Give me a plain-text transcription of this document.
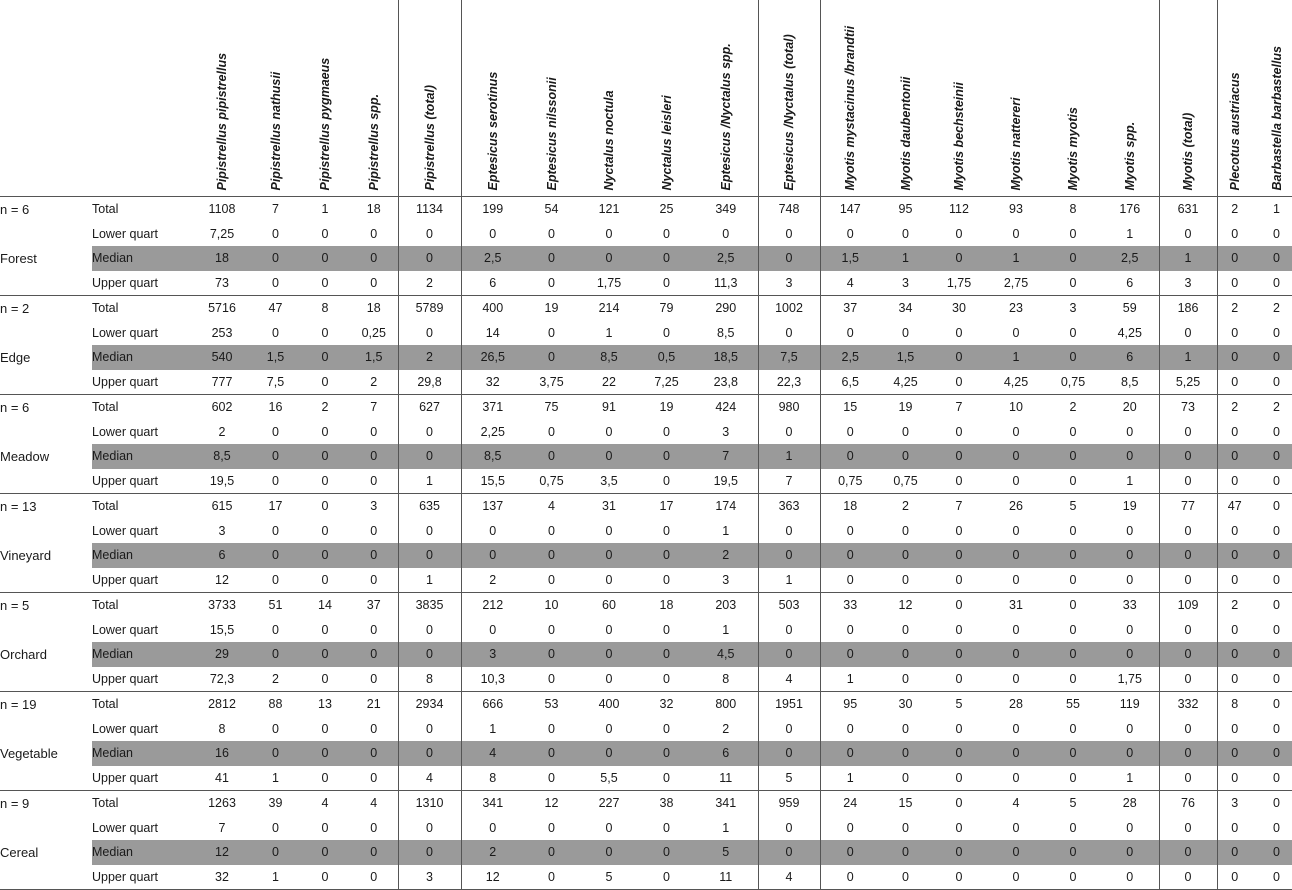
		Pipistrellus pipistrellus	Pipistrellus nathusii	Pipistrellus pygmaeus	Pipistrellus spp.	Pipistrellus (total)	Eptesicus serotinus	Eptesicus nilssonii	Nyctalus noctula	Nyctalus leisleri	Eptesicus /Nyctalus spp.	Eptesicus /Nyctalus (total)	Myotis mystacinus /brandtii	Myotis daubentonii	Myotis bechsteinii	Myotis nattereri	Myotis myotis	Myotis spp.	Myotis (total)	Plecotus austriacus	Barbastella barbastellus

n = 6	Total	1108	7	1	18	1134	199	54	121	25	349	748	147	95	112	93	8	176	631	2	1
	Lower quart	7,25	0	0	0	0	0	0	0	0	0	0	0	0	0	0	0	1	0	0	0
Forest	Median	18	0	0	0	0	2,5	0	0	0	2,5	0	1,5	1	0	1	0	2,5	1	0	0
	Upper quart	73	0	0	0	2	6	0	1,75	0	11,3	3	4	3	1,75	2,75	0	6	3	0	0
n = 2	Total	5716	47	8	18	5789	400	19	214	79	290	1002	37	34	30	23	3	59	186	2	2
	Lower quart	253	0	0	0,25	0	14	0	1	0	8,5	0	0	0	0	0	0	4,25	0	0	0
Edge	Median	540	1,5	0	1,5	2	26,5	0	8,5	0,5	18,5	7,5	2,5	1,5	0	1	0	6	1	0	0
	Upper quart	777	7,5	0	2	29,8	32	3,75	22	7,25	23,8	22,3	6,5	4,25	0	4,25	0,75	8,5	5,25	0	0
n = 6	Total	602	16	2	7	627	371	75	91	19	424	980	15	19	7	10	2	20	73	2	2
	Lower quart	2	0	0	0	0	2,25	0	0	0	3	0	0	0	0	0	0	0	0	0	0
Meadow	Median	8,5	0	0	0	0	8,5	0	0	0	7	1	0	0	0	0	0	0	0	0	0
	Upper quart	19,5	0	0	0	1	15,5	0,75	3,5	0	19,5	7	0,75	0,75	0	0	0	1	0	0	0
n = 13	Total	615	17	0	3	635	137	4	31	17	174	363	18	2	7	26	5	19	77	47	0
	Lower quart	3	0	0	0	0	0	0	0	0	1	0	0	0	0	0	0	0	0	0	0
Vineyard	Median	6	0	0	0	0	0	0	0	0	2	0	0	0	0	0	0	0	0	0	0
	Upper quart	12	0	0	0	1	2	0	0	0	3	1	0	0	0	0	0	0	0	0	0
n = 5	Total	3733	51	14	37	3835	212	10	60	18	203	503	33	12	0	31	0	33	109	2	0
	Lower quart	15,5	0	0	0	0	0	0	0	0	1	0	0	0	0	0	0	0	0	0	0
Orchard	Median	29	0	0	0	0	3	0	0	0	4,5	0	0	0	0	0	0	0	0	0	0
	Upper quart	72,3	2	0	0	8	10,3	0	0	0	8	4	1	0	0	0	0	1,75	0	0	0
n = 19	Total	2812	88	13	21	2934	666	53	400	32	800	1951	95	30	5	28	55	119	332	8	0
	Lower quart	8	0	0	0	0	1	0	0	0	2	0	0	0	0	0	0	0	0	0	0
Vegetable	Median	16	0	0	0	0	4	0	0	0	6	0	0	0	0	0	0	0	0	0	0
	Upper quart	41	1	0	0	4	8	0	5,5	0	11	5	1	0	0	0	0	1	0	0	0
n = 9	Total	1263	39	4	4	1310	341	12	227	38	341	959	24	15	0	4	5	28	76	3	0
	Lower quart	7	0	0	0	0	0	0	0	0	1	0	0	0	0	0	0	0	0	0	0
Cereal	Median	12	0	0	0	0	2	0	0	0	5	0	0	0	0	0	0	0	0	0	0
	Upper quart	32	1	0	0	3	12	0	5	0	11	4	0	0	0	0	0	0	0	0	0
